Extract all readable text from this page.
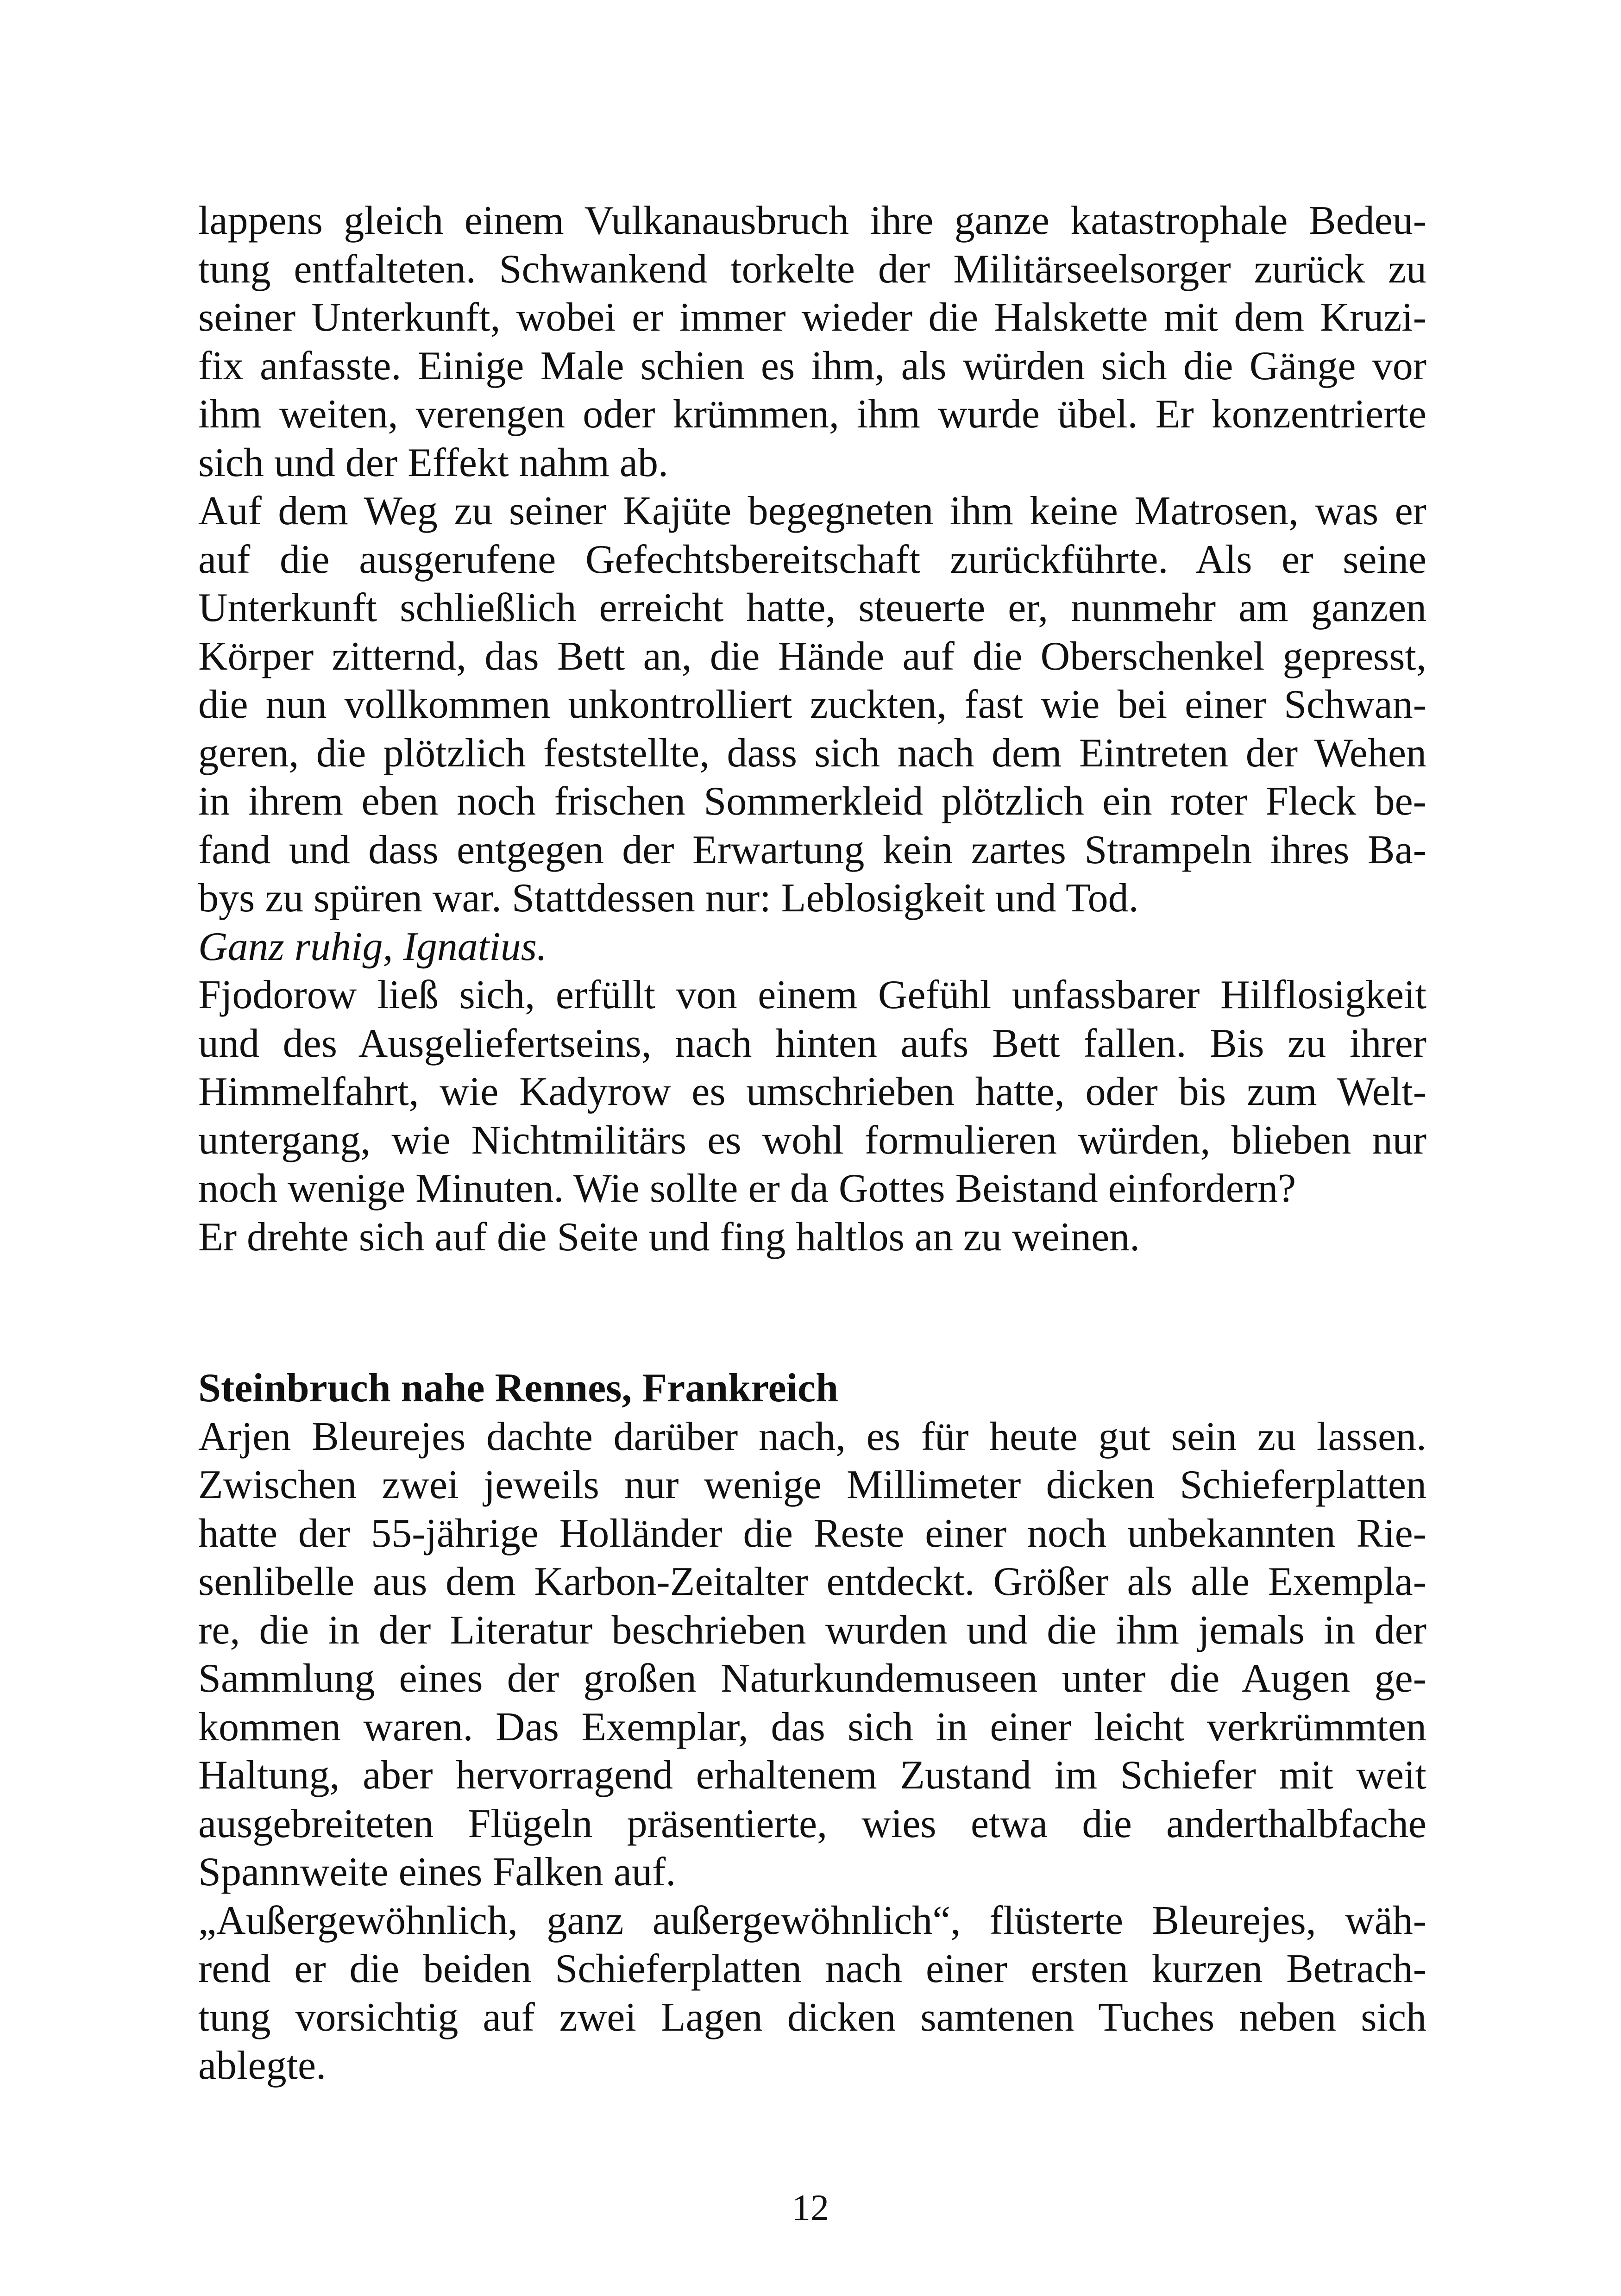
lappens gleich einem Vulkanausbruch ihre ganze katastrophale Bedeu-
tung entfalteten. Schwankend torkelte der Militärseelsorger zurück zu
seiner Unterkunft, wobei er immer wieder die Halskette mit dem Kruzi-
fix anfasste. Einige Male schien es ihm, als würden sich die Gänge vor
ihm weiten, verengen oder krümmen, ihm wurde übel. Er konzentrierte
sich und der Effekt nahm ab.
Auf dem Weg zu seiner Kajüte begegneten ihm keine Matrosen, was er
auf die ausgerufene Gefechtsbereitschaft zurückführte. Als er seine
Unterkunft schließlich erreicht hatte, steuerte er, nunmehr am ganzen
Körper zitternd, das Bett an, die Hände auf die Oberschenkel gepresst,
die nun vollkommen unkontrolliert zuckten, fast wie bei einer Schwan-
geren, die plötzlich feststellte, dass sich nach dem Eintreten der Wehen
in ihrem eben noch frischen Sommerkleid plötzlich ein roter Fleck be-
fand und dass entgegen der Erwartung kein zartes Strampeln ihres Ba-
bys zu spüren war. Stattdessen nur: Leblosigkeit und Tod.
Ganz ruhig, Ignatius.
Fjodorow ließ sich, erfüllt von einem Gefühl unfassbarer Hilflosigkeit
und des Ausgeliefertseins, nach hinten aufs Bett fallen. Bis zu ihrer
Himmelfahrt, wie Kadyrow es umschrieben hatte, oder bis zum Welt-
untergang, wie Nichtmilitärs es wohl formulieren würden, blieben nur
noch wenige Minuten. Wie sollte er da Gottes Beistand einfordern?
Er drehte sich auf die Seite und fing haltlos an zu weinen.
Steinbruch nahe Rennes, Frankreich
Arjen Bleurejes dachte darüber nach, es für heute gut sein zu lassen.
Zwischen zwei jeweils nur wenige Millimeter dicken Schieferplatten
hatte der 55-jährige Holländer die Reste einer noch unbekannten Rie-
senlibelle aus dem Karbon-Zeitalter entdeckt. Größer als alle Exempla-
re, die in der Literatur beschrieben wurden und die ihm jemals in der
Sammlung eines der großen Naturkundemuseen unter die Augen ge-
kommen waren. Das Exemplar, das sich in einer leicht verkrümmten
Haltung, aber hervorragend erhaltenem Zustand im Schiefer mit weit
ausgebreiteten Flügeln präsentierte, wies etwa die anderthalbfache
Spannweite eines Falken auf.
„Außergewöhnlich, ganz außergewöhnlich“, flüsterte Bleurejes, wäh-
rend er die beiden Schieferplatten nach einer ersten kurzen Betrach-
tung vorsichtig auf zwei Lagen dicken samtenen Tuches neben sich
ablegte.
12
